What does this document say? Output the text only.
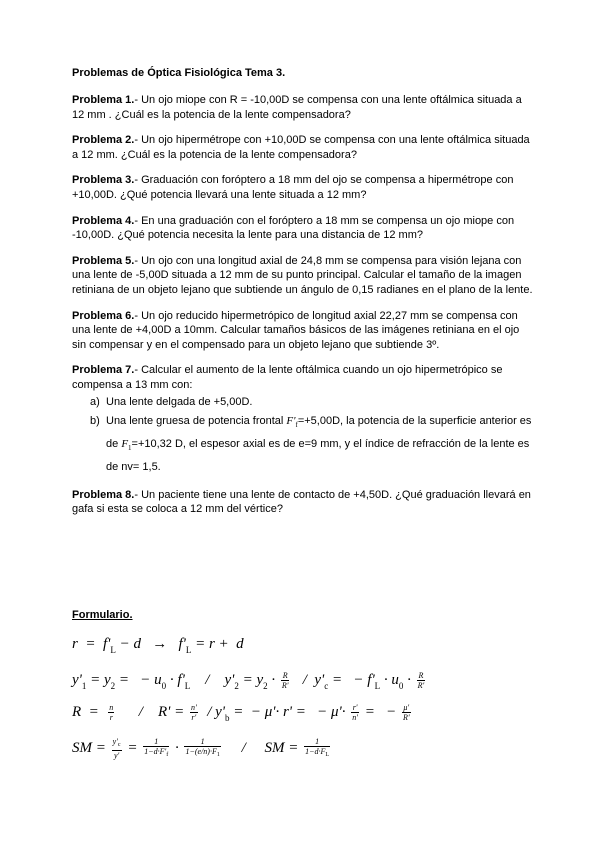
Problemas de Óptica Fisiológica Tema 3.
Problema 1.- Un ojo miope con R = -10,00D se compensa con una lente oftálmica situada a 12 mm . ¿Cuál es la potencia de la lente compensadora?
Problema 2.- Un ojo hipermétrope con +10,00D se compensa con una lente oftálmica situada a 12 mm. ¿Cuál es la potencia de la lente compensadora?
Problema 3.- Graduación con foróptero a 18 mm del ojo se compensa a hipermétrope con +10,00D. ¿Qué potencia llevará una lente situada a 12 mm?
Problema 4.- En una graduación con el foróptero a 18 mm se compensa un ojo miope con -10,00D. ¿Qué potencia necesita la lente para una distancia de 12 mm?
Problema 5.- Un ojo con una longitud axial de 24,8 mm se compensa para visión lejana con una lente de -5,00D situada a 12 mm de su punto principal. Calcular el tamaño de la imagen retiniana de un objeto lejano que subtiende un ángulo de 0,15 radianes en el plano de la lente.
Problema 6.- Un ojo reducido hipermetrópico de longitud axial 22,27 mm se compensa con una lente de +4,00D a 10mm. Calcular tamaños básicos de las imágenes retiniana en el ojo sin compensar y en el compensado para un objeto lejano que subtiende 3º.
Problema 7.- Calcular el aumento de la lente oftálmica cuando un ojo hipermetrópico se compensa a 13 mm con:
a) Una lente delgada de +5,00D.
b) Una lente gruesa de potencia frontal $F'_f=+5,00D$, la potencia de la superficie anterior es de $F_1=+10,32$ D, el espesor axial es de e=9 mm, y el índice de refracción de la lente es de nv= 1,5.
Problema 8.- Un paciente tiene una lente de contacto de +4,50D. ¿Qué graduación llevará en gafa si esta se coloca a 12 mm del vértice?
Formulario.
$r = f'_L - d \to f'_L = r + d$
$y'_1 = y_2$ =   − $u_0 \cdot f'_L$    /    $y'_2 = y_2 \cdot \frac{R}{R'} / y'_c$ =   − $f'_L \cdot u_0 \cdot \frac{R}{R'}$
$R = \frac{n}{r}$ /    $R' = \frac{n'}{r'} / y'_b$ =  − μ'· r' =   − $\mu'\cdot \frac{r'}{n'}$ =   − $\frac{\mu'}{R'}$
SM = $\frac{y'_c}{y'} = \frac{1}{1-d\cdot F'_f} \cdot \frac{1}{1-(e/n)\cdot F_1}$ /     SM = $\frac{1}{1-d\cdot F_L}$
